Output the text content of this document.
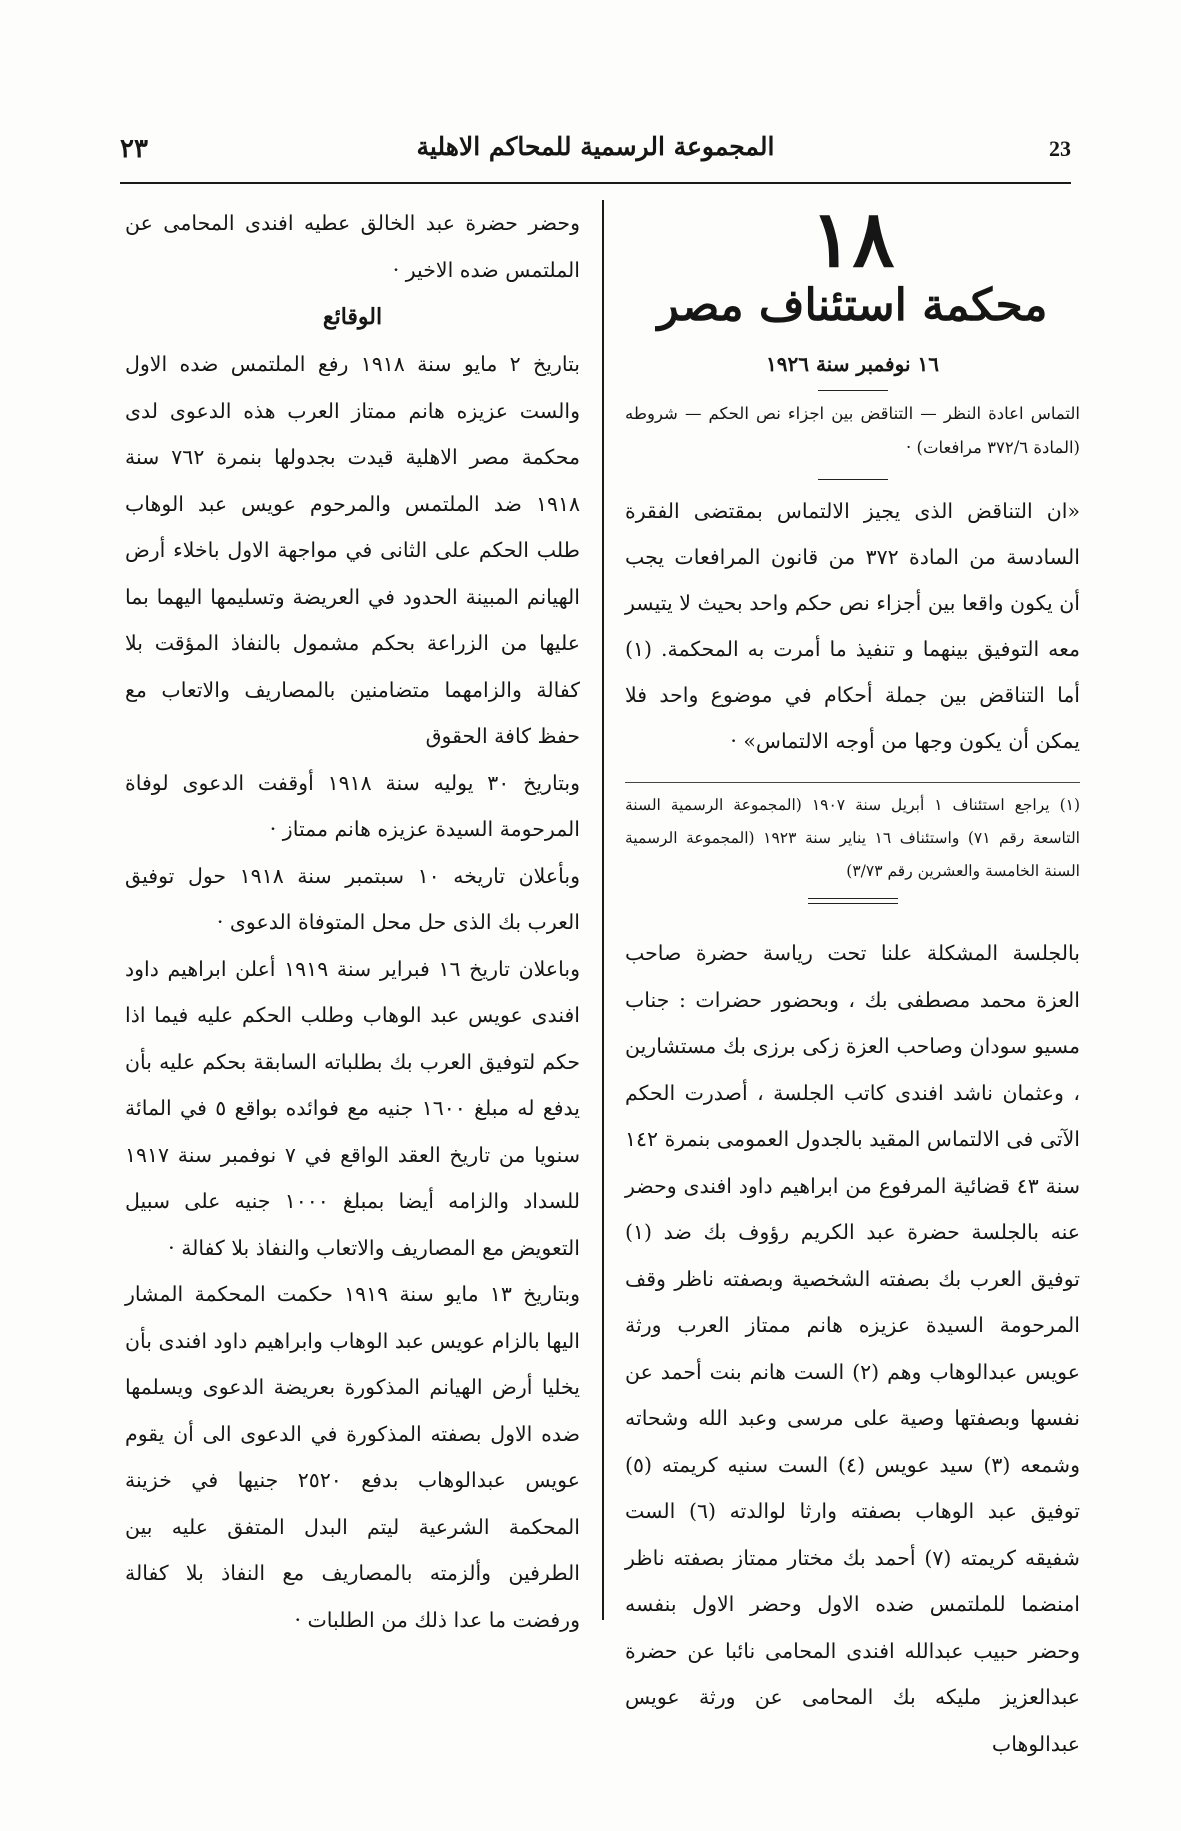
23
المجموعة الرسمية للمحاكم الاهلية
٢٣

١٨

محكمة استئناف مصر

١٦ نوفمبر سنة ١٩٢٦

التماس اعادة النظر — التناقض بين اجزاء نص الحكم — شروطه (المادة ٣٧٢/٦ مرافعات) ·

«ان التناقض الذى يجيز الالتماس بمقتضى الفقرة السادسة من المادة ٣٧٢ من قانون المرافعات يجب أن يكون واقعا بين أجزاء نص حكم واحد بحيث لا يتيسر معه التوفيق بينهما و تنفيذ ما أمرت به المحكمة. (١) أما التناقض بين جملة أحكام في موضوع واحد فلا يمكن أن يكون وجها من أوجه الالتماس» ·

(١) يراجع استئناف ١ أبريل سنة ١٩٠٧ (المجموعة الرسمية السنة التاسعة رقم ٧١) واستئناف ١٦ يناير سنة ١٩٢٣ (المجموعة الرسمية السنة الخامسة والعشرين رقم ٣/٧٣)

بالجلسة المشكلة علنا تحت رياسة حضرة صاحب العزة محمد مصطفى بك ، وبحضور حضرات : جناب مسيو سودان وصاحب العزة زكى برزى بك مستشارين ، وعثمان ناشد افندى كاتب الجلسة ، أصدرت الحكم الآتى فى الالتماس المقيد بالجدول العمومى بنمرة ١٤٢ سنة ٤٣ قضائية المرفوع من ابراهيم داود افندى وحضر عنه بالجلسة حضرة عبد الكريم رؤوف بك ضد (١) توفيق العرب بك بصفته الشخصية وبصفته ناظر وقف المرحومة السيدة عزيزه هانم ممتاز العرب ورثة عويس عبدالوهاب وهم (٢) الست هانم بنت أحمد عن نفسها وبصفتها وصية على مرسى وعبد الله وشحاته وشمعه (٣) سيد عويس (٤) الست سنيه كريمته (٥) توفيق عبد الوهاب بصفته وارثا لوالدته (٦) الست شفيقه كريمته (٧) أحمد بك مختار ممتاز بصفته ناظر امنضما للملتمس ضده الاول وحضر الاول بنفسه وحضر حبيب عبدالله افندى المحامى نائبا عن حضرة عبدالعزيز مليكه بك المحامى عن ورثة عويس عبدالوهاب

وحضر حضرة عبد الخالق عطيه افندى المحامى عن الملتمس ضده الاخير ·

الوقائع

بتاريخ ٢ مايو سنة ١٩١٨ رفع الملتمس ضده الاول والست عزيزه هانم ممتاز العرب هذه الدعوى لدى محكمة مصر الاهلية قيدت بجدولها بنمرة ٧٦٢ سنة ١٩١٨ ضد الملتمس والمرحوم عويس عبد الوهاب طلب الحكم على الثانى في مواجهة الاول باخلاء أرض الهيانم المبينة الحدود في العريضة وتسليمها اليهما بما عليها من الزراعة بحكم مشمول بالنفاذ المؤقت بلا كفالة والزامهما متضامنين بالمصاريف والاتعاب مع حفظ كافة الحقوق

وبتاريخ ٣٠ يوليه سنة ١٩١٨ أوقفت الدعوى لوفاة المرحومة السيدة عزيزه هانم ممتاز ·

وبأعلان تاريخه ١٠ سبتمبر سنة ١٩١٨ حول توفيق العرب بك الذى حل محل المتوفاة الدعوى ·

وباعلان تاريخ ١٦ فبراير سنة ١٩١٩ أعلن ابراهيم داود افندى عويس عبد الوهاب وطلب الحكم عليه فيما اذا حكم لتوفيق العرب بك بطلباته السابقة بحكم عليه بأن يدفع له مبلغ ١٦٠٠ جنيه مع فوائده بواقع ٥ في المائة سنويا من تاريخ العقد الواقع في ٧ نوفمبر سنة ١٩١٧ للسداد والزامه أيضا بمبلغ ١٠٠٠ جنيه على سبيل التعويض مع المصاريف والاتعاب والنفاذ بلا كفالة ·

وبتاريخ ١٣ مايو سنة ١٩١٩ حكمت المحكمة المشار اليها بالزام عويس عبد الوهاب وابراهيم داود افندى بأن يخليا أرض الهيانم المذكورة بعريضة الدعوى ويسلمها ضده الاول بصفته المذكورة في الدعوى الى أن يقوم عويس عبدالوهاب بدفع ٢٥٢٠ جنيها في خزينة المحكمة الشرعية ليتم البدل المتفق عليه بين الطرفين وألزمته بالمصاريف مع النفاذ بلا كفالة ورفضت ما عدا ذلك من الطلبات ·
